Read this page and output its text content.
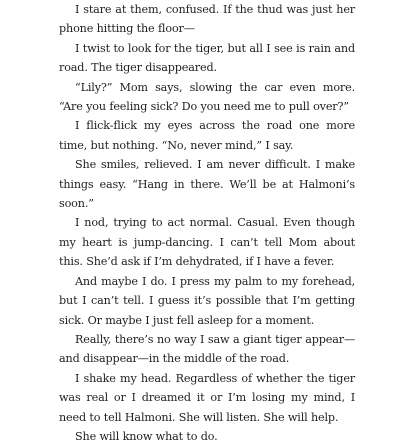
I stare at them, confused. If the thud was just her phone hitting the floor—

I twist to look for the tiger, but all I see is rain and road. The tiger disappeared.

“Lily?” Mom says, slowing the car even more. “Are you feeling sick? Do you need me to pull over?”

I flick-flick my eyes across the road one more time, but nothing. “No, never mind,” I say.

She smiles, relieved. I am never difficult. I make things easy. “Hang in there. We’ll be at Halmoni’s soon.”

I nod, trying to act normal. Casual. Even though my heart is jump-dancing. I can’t tell Mom about this. She’d ask if I’m dehydrated, if I have a fever.

And maybe I do. I press my palm to my forehead, but I can’t tell. I guess it’s possible that I’m getting sick. Or maybe I just fell asleep for a moment.

Really, there’s no way I saw a giant tiger appear—and disappear—in the middle of the road.

I shake my head. Regardless of whether the tiger was real or I dreamed it or I’m losing my mind, I need to tell Halmoni. She will listen. She will help.

She will know what to do.
